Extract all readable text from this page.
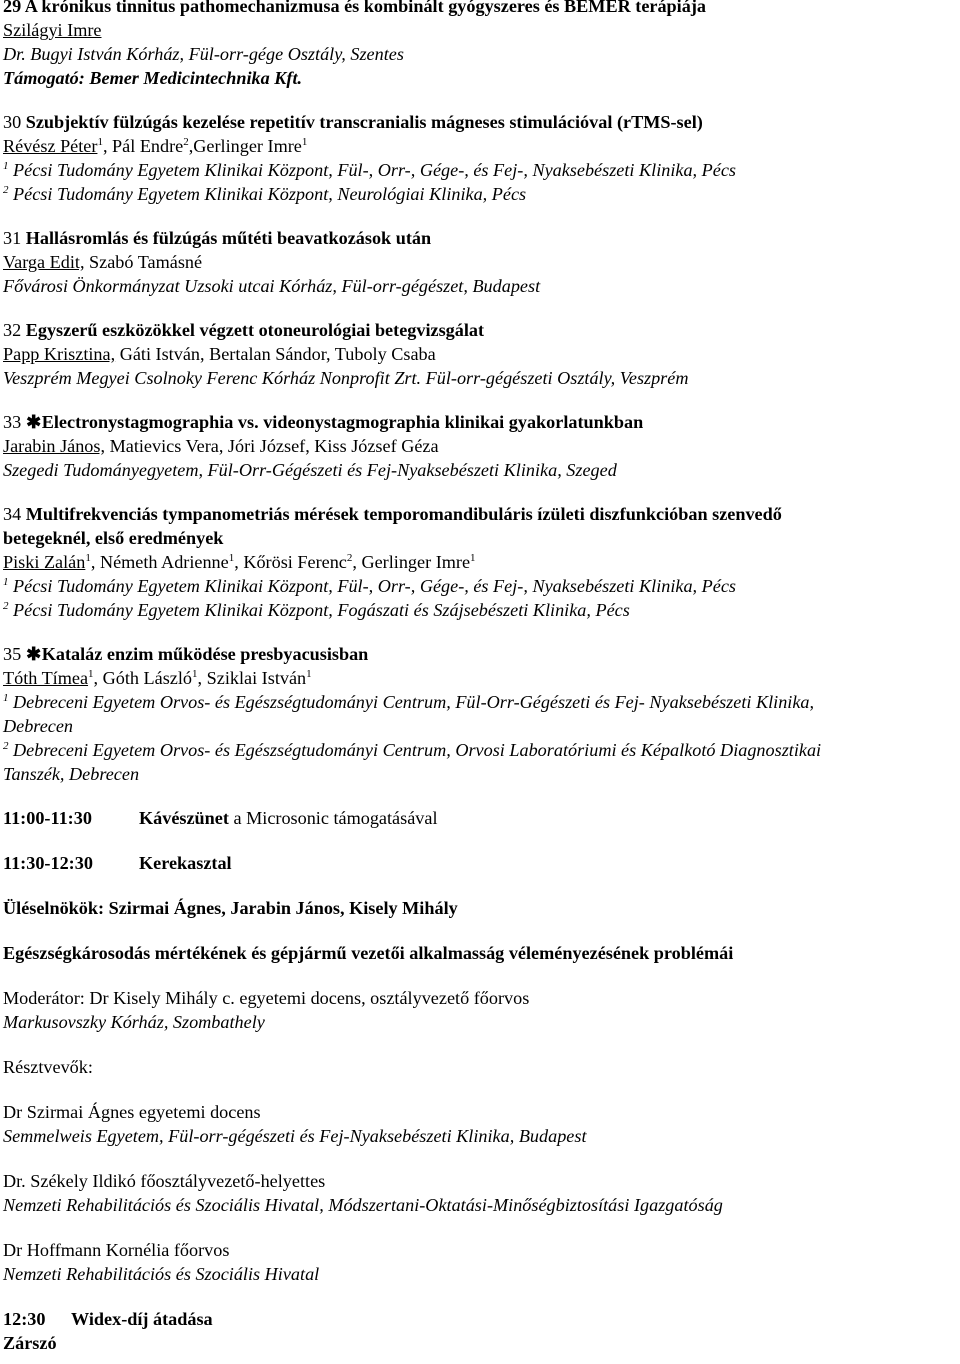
29 A krónikus tinnitus pathomechanizmusa és kombinált gyógyszeres és BEMER terápiája
Szilágyi Imre
Dr. Bugyi István Kórház, Fül-orr-gége Osztály, Szentes
Támogató: Bemer Medicintechnika Kft.
30 Szubjektív fülzúgás kezelése repetitív transcranialis mágneses stimulációval (rTMS-sel)
Révész Péter$^1$, Pál Endre$^2$,Gerlinger Imre$^1$
$^1$ Pécsi Tudomány Egyetem Klinikai Központ, Fül-, Orr-, Gége-, és Fej-, Nyaksebészeti Klinika, Pécs
$^2$ Pécsi Tudomány Egyetem Klinikai Központ, Neurológiai Klinika, Pécs
31 Hallásromlás és fülzúgás műtéti beavatkozások után
Varga Edit, Szabó Tamásné
Fővárosi Önkormányzat Uzsoki utcai Kórház, Fül-orr-gégészet, Budapest
32 Egyszerű eszközökkel végzett otoneurológiai betegvizsgálat
Papp Krisztina, Gáti István, Bertalan Sándor, Tuboly Csaba
Veszprém Megyei Csolnoky Ferenc Kórház Nonprofit Zrt. Fül-orr-gégészeti Osztály, Veszprém
33 ✱Electronystagmographia vs. videonystagmographia klinikai gyakorlatunkban
Jarabin János, Matievics Vera, Jóri József, Kiss József Géza
Szegedi Tudományegyetem, Fül-Orr-Gégészeti és Fej-Nyaksebészeti Klinika, Szeged
34 Multifrekvenciás tympanometriás mérések temporomandibuláris ízületi diszfunkcióban szenvedő
betegeknél, első eredmények
Piski Zalán$^1$, Németh Adrienne$^1$, Kőrösi Ferenc$^2$, Gerlinger Imre$^1$
$^1$ Pécsi Tudomány Egyetem Klinikai Központ, Fül-, Orr-, Gége-, és Fej-, Nyaksebészeti Klinika, Pécs
$^2$ Pécsi Tudomány Egyetem Klinikai Központ, Fogászati és Szájsebészeti Klinika, Pécs
35 ✱Kataláz enzim működése presbyacusisban
Tóth Tímea$^1$, Góth László$^1$, Sziklai István$^1$
$^1$ Debreceni Egyetem Orvos- és Egészségtudományi Centrum, Fül-Orr-Gégészeti és Fej- Nyaksebészeti Klinika,
Debrecen
$^2$ Debreceni Egyetem Orvos- és Egészségtudományi Centrum, Orvosi Laboratóriumi és Képalkotó Diagnosztikai
Tanszék, Debrecen
11:00-11:30	Kávészünet a Microsonic támogatásával
11:30-12:30	Kerekasztal
Üléselnökök: Szirmai Ágnes, Jarabin János, Kisely Mihály
Egészségkárosodás mértékének és gépjármű vezetői alkalmasság véleményezésének problémái
Moderátor: Dr Kisely Mihály c. egyetemi docens, osztályvezető főorvos
Markusovszky Kórház, Szombathely
Résztvevők:
Dr Szirmai Ágnes egyetemi docens
Semmelweis Egyetem, Fül-orr-gégészeti és Fej-Nyaksebészeti Klinika, Budapest
Dr. Székely Ildikó főosztályvezető-helyettes
Nemzeti Rehabilitációs és Szociális Hivatal, Módszertani-Oktatási-Minőségbiztosítási Igazgatóság
Dr Hoffmann Kornélia főorvos
Nemzeti Rehabilitációs és Szociális Hivatal
12:30 Widex-díj átadása
Zárszó
